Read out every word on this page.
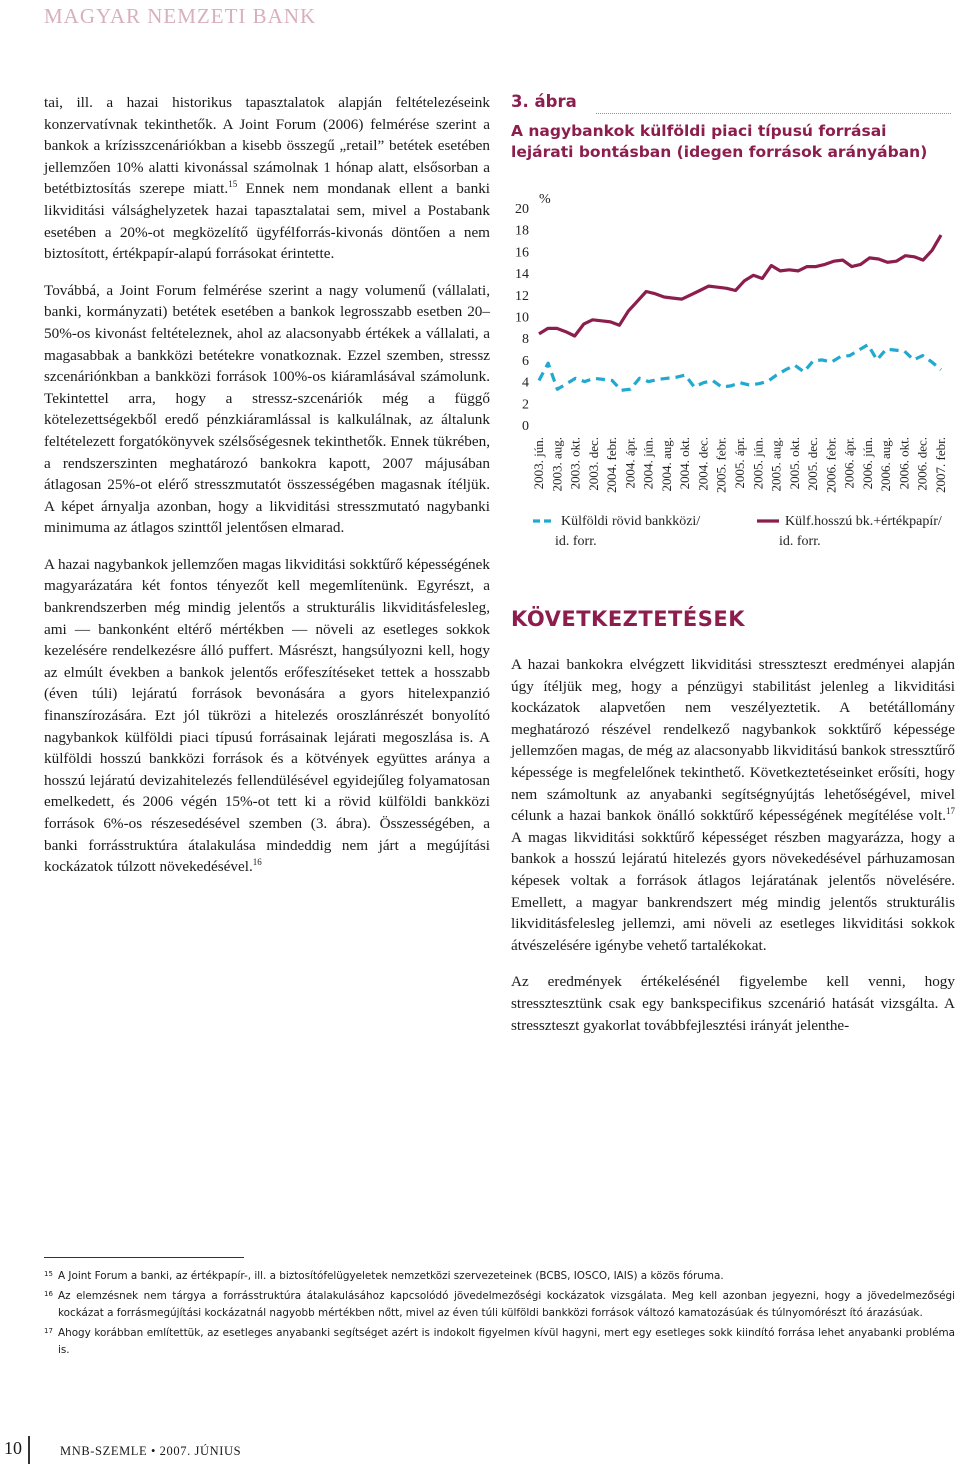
MAGYAR NEMZETI BANK

tai, ill. a hazai historikus tapasztalatok alapján feltételezéseink konzervatívnak tekinthetők. A Joint Forum (2006) felmérése szerint a bankok a krízisszcenáriókban a kisebb összegű „retail” betétek esetében jellemzően 10% alatti kivonással számolnak 1 hónap alatt, elsősorban a betétbiztosítás szerepe miatt.$^{15}$ Ennek nem mondanak ellent a banki likviditási válsághelyzetek hazai tapasztalatai sem, mivel a Postabank esetében a 20%-ot megközelítő ügyfélforrás-kivonás döntően a nem biztosított, értékpapír-alapú forrásokat érintette.

Továbbá, a Joint Forum felmérése szerint a nagy volumenű (vállalati, banki, kormányzati) betétek esetében a bankok legrosszabb esetben 20–50%-os kivonást feltételeznek, ahol az alacsonyabb értékek a vállalati, a magasabbak a bankközi betétekre vonatkoznak. Ezzel szemben, stressz szcenáriónkban a bankközi források 100%-os kiáramlásával számolunk. Tekintettel arra, hogy a stressz-szcenáriók még a függő kötelezettségekből eredő pénzkiáramlással is kalkulálnak, az általunk feltételezett forgatókönyvek szélsőségesnek tekinthetők. Ennek tükrében, a rendszerszinten meghatározó bankokra kapott, 2007 májusában átlagosan 25%-ot elérő stresszmutatót összességében magasnak ítéljük. A képet árnyalja azonban, hogy a likviditási stresszmutató nagybanki minimuma az átlagos szinttől jelentősen elmarad.

A hazai nagybankok jellemzően magas likviditási sokktűrő képességének magyarázatára két fontos tényezőt kell megemlítenünk. Egyrészt, a bankrendszerben még mindig jelentős a strukturális likviditásfelesleg, ami — bankonként eltérő mértékben — növeli az esetleges sokkok kezelésére rendelkezésre álló puffert. Másrészt, hangsúlyozni kell, hogy az elmúlt években a bankok jelentős erőfeszítéseket tettek a hosszabb (éven túli) lejáratú források bevonására a gyors hitelexpanzió finanszírozására. Ezt jól tükrözi a hitelezés oroszlánrészét bonyolító nagybankok külföldi piaci típusú forrásainak lejárati megoszlása is. A külföldi hosszú bankközi források és a kötvények együttes aránya a hosszú lejáratú devizahitelezés fellendülésével egyidejűleg folyamatosan emelkedett, és 2006 végén 15%-ot tett ki a rövid külföldi bankközi források 6%-os részesedésével szemben (3. ábra). Összességében, a banki forrásstruktúra átalakulása mindeddig nem járt a megújítási kockázatok túlzott növekedésével.$^{16}$

3. ábra

A nagybankok külföldi piaci típusú forrásai lejárati bontásban (idegen források arányában)

%
20
18
16
14
12
10
8
6
4
2
0
2003. jún. 2003. aug. 2003. okt. 2003. dec. 2004. febr. 2004. ápr. 2004. jún. 2004. aug. 2004. okt. 2004. dec. 2005. febr. 2005. ápr. 2005. jún. 2005. aug. 2005. okt. 2005. dec. 2006. febr. 2006. ápr. 2006. jún. 2006. aug. 2006. okt. 2006. dec. 2007. febr.
Külföldi rövid bankközi/
id. forr.
Külf.hosszú bk.+értékpapír/
id. forr.
KÖVETKEZTETÉSEK

A hazai bankokra elvégzett likviditási stresszteszt eredményei alapján úgy ítéljük meg, hogy a pénzügyi stabilitást jelenleg a likviditási kockázatok alapvetően nem veszélyeztetik. A betétállomány meghatározó részével rendelkező nagybankok sokktűrő képessége jellemzően magas, de még az alacsonyabb likviditású bankok stressztűrő képessége is megfelelőnek tekinthető. Következtetéseinket erősíti, hogy nem számoltunk az anyabanki segítségnyújtás lehetőségével, mivel célunk a hazai bankok önálló sokktűrő képességének megítélése volt.$^{17}$ A magas likviditási sokktűrő képességet részben magyarázza, hogy a bankok a hosszú lejáratú hitelezés gyors növekedésével párhuzamosan képesek voltak a források átlagos lejáratának jelentős növelésére. Emellett, a magyar bankrendszert még mindig jelentős strukturális likviditásfelesleg jellemzi, ami növeli az esetleges likviditási sokkok átvészelésére igénybe vehető tartalékokat.

Az eredmények értékelésénél figyelembe kell venni, hogy stressztesztünk csak egy bankspecifikus szcenárió hatását vizsgálta. A stresszteszt gyakorlat továbbfejlesztési irányát jelenthe-

15 A Joint Forum a banki, az értékpapír-, ill. a biztosítófelügyeletek nemzetközi szervezeteinek (BCBS, IOSCO, IAIS) a közös fóruma.
16 Az elemzésnek nem tárgya a forrásstruktúra átalakulásához kapcsolódó jövedelmezőségi kockázatok vizsgálata. Meg kell azonban jegyezni, hogy a jövedelmezőségi kockázat a forrásmegújítási kockázatnál nagyobb mértékben nőtt, mivel az éven túli külföldi bankközi források változó kamatozásúak és túlnyomórészt ító árazásúak.
17 Ahogy korábban említettük, az esetleges anyabanki segítséget azért is indokolt figyelmen kívül hagyni, mert egy esetleges sokk kiindító forrása lehet anyabanki probléma is.
10	MNB-SZEMLE • 2007. JÚNIUS
